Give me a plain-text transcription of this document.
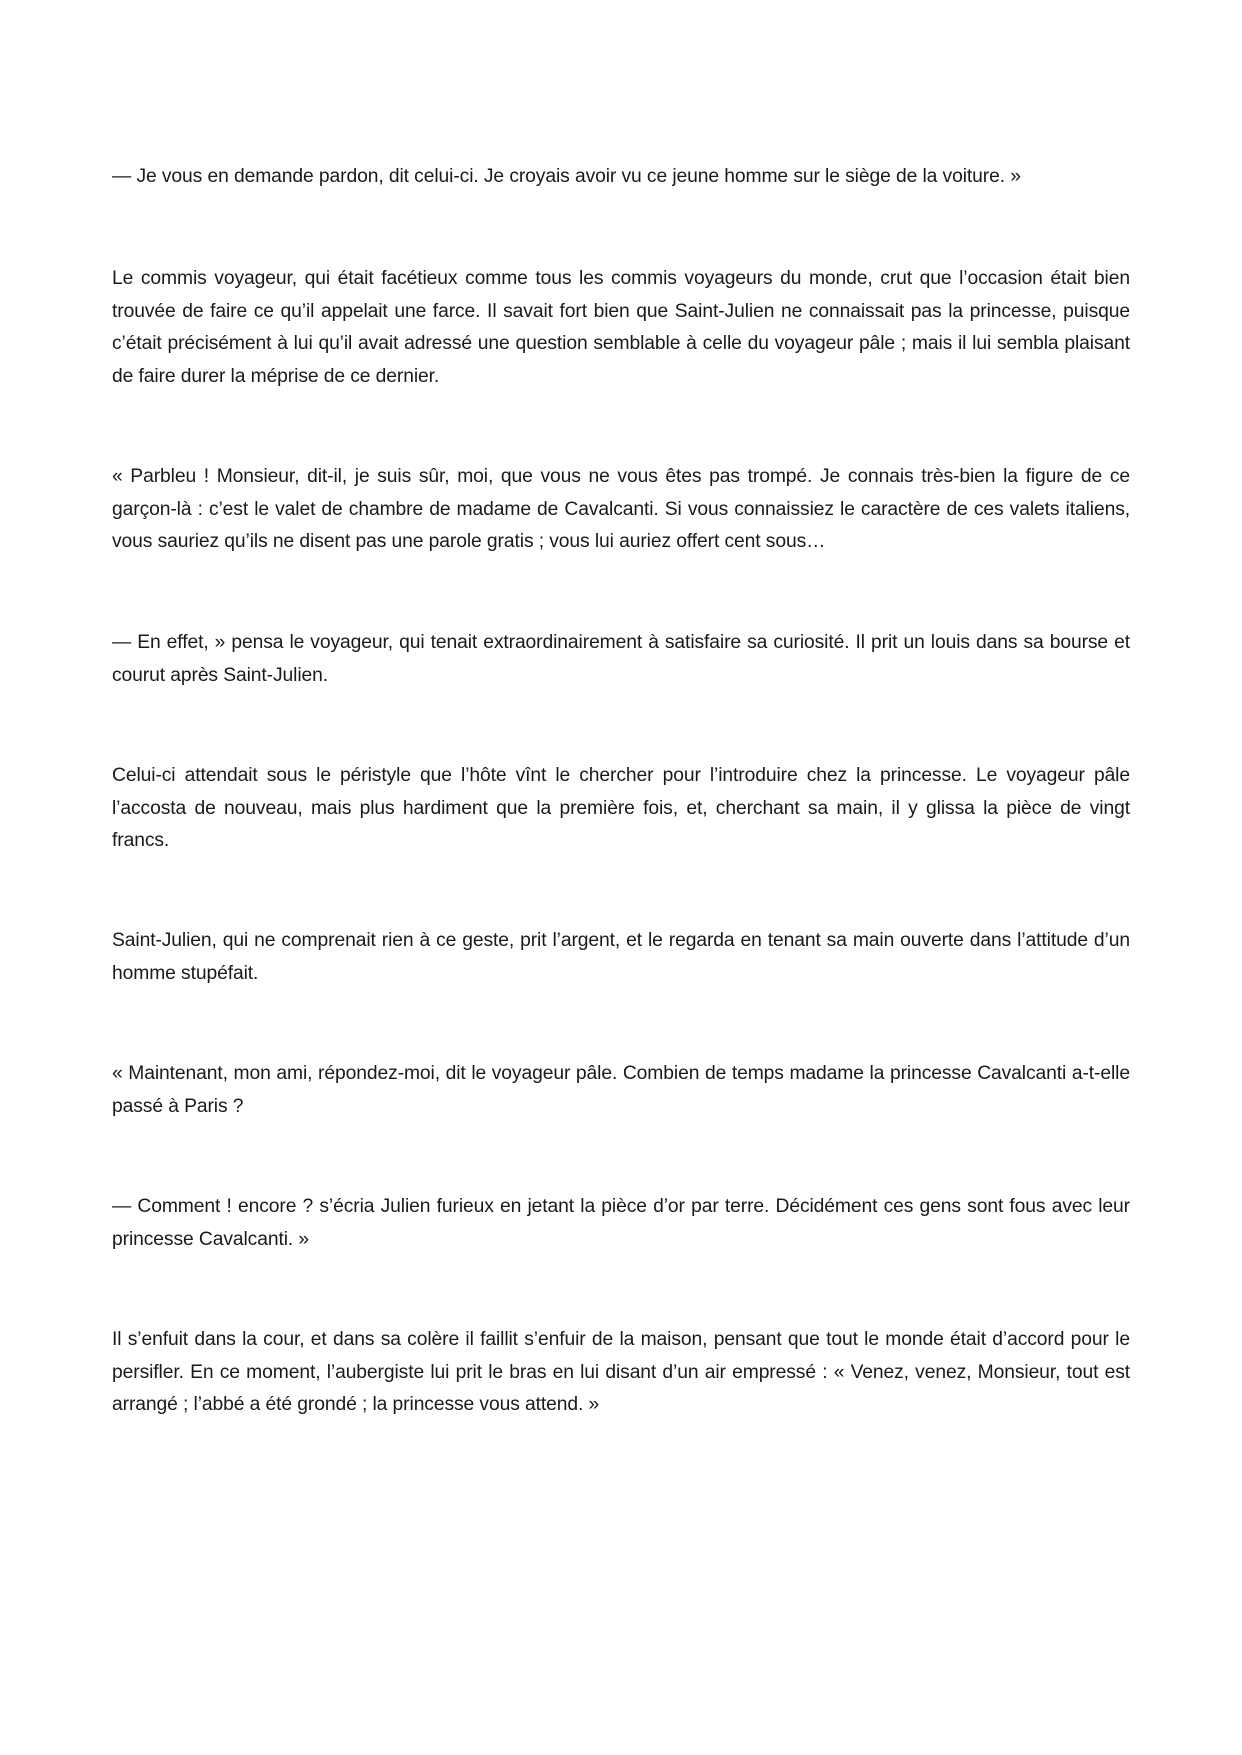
— Je vous en demande pardon, dit celui-ci. Je croyais avoir vu ce jeune homme sur le siège de la voiture. »

Le commis voyageur, qui était facétieux comme tous les commis voyageurs du monde, crut que l’occasion était bien trouvée de faire ce qu’il appelait une farce. Il savait fort bien que Saint-Julien ne connaissait pas la princesse, puisque c’était précisément à lui qu’il avait adressé une question semblable à celle du voyageur pâle ; mais il lui sembla plaisant de faire durer la méprise de ce dernier.

« Parbleu ! Monsieur, dit-il, je suis sûr, moi, que vous ne vous êtes pas trompé. Je connais très-bien la figure de ce garçon-là : c’est le valet de chambre de madame de Cavalcanti. Si vous connaissiez le caractère de ces valets italiens, vous sauriez qu’ils ne disent pas une parole gratis ; vous lui auriez offert cent sous…

— En effet, » pensa le voyageur, qui tenait extraordinairement à satisfaire sa curiosité. Il prit un louis dans sa bourse et courut après Saint-Julien.

Celui-ci attendait sous le péristyle que l’hôte vînt le chercher pour l’introduire chez la princesse. Le voyageur pâle l’accosta de nouveau, mais plus hardiment que la première fois, et, cherchant sa main, il y glissa la pièce de vingt francs.

Saint-Julien, qui ne comprenait rien à ce geste, prit l’argent, et le regarda en tenant sa main ouverte dans l’attitude d’un homme stupéfait.

« Maintenant, mon ami, répondez-moi, dit le voyageur pâle. Combien de temps madame la princesse Cavalcanti a-t-elle passé à Paris ?

— Comment ! encore ? s’écria Julien furieux en jetant la pièce d’or par terre. Décidément ces gens sont fous avec leur princesse Cavalcanti. »

Il s’enfuit dans la cour, et dans sa colère il faillit s’enfuir de la maison, pensant que tout le monde était d’accord pour le persifler. En ce moment, l’aubergiste lui prit le bras en lui disant d’un air empressé : « Venez, venez, Monsieur, tout est arrangé ; l’abbé a été grondé ; la princesse vous attend. »
